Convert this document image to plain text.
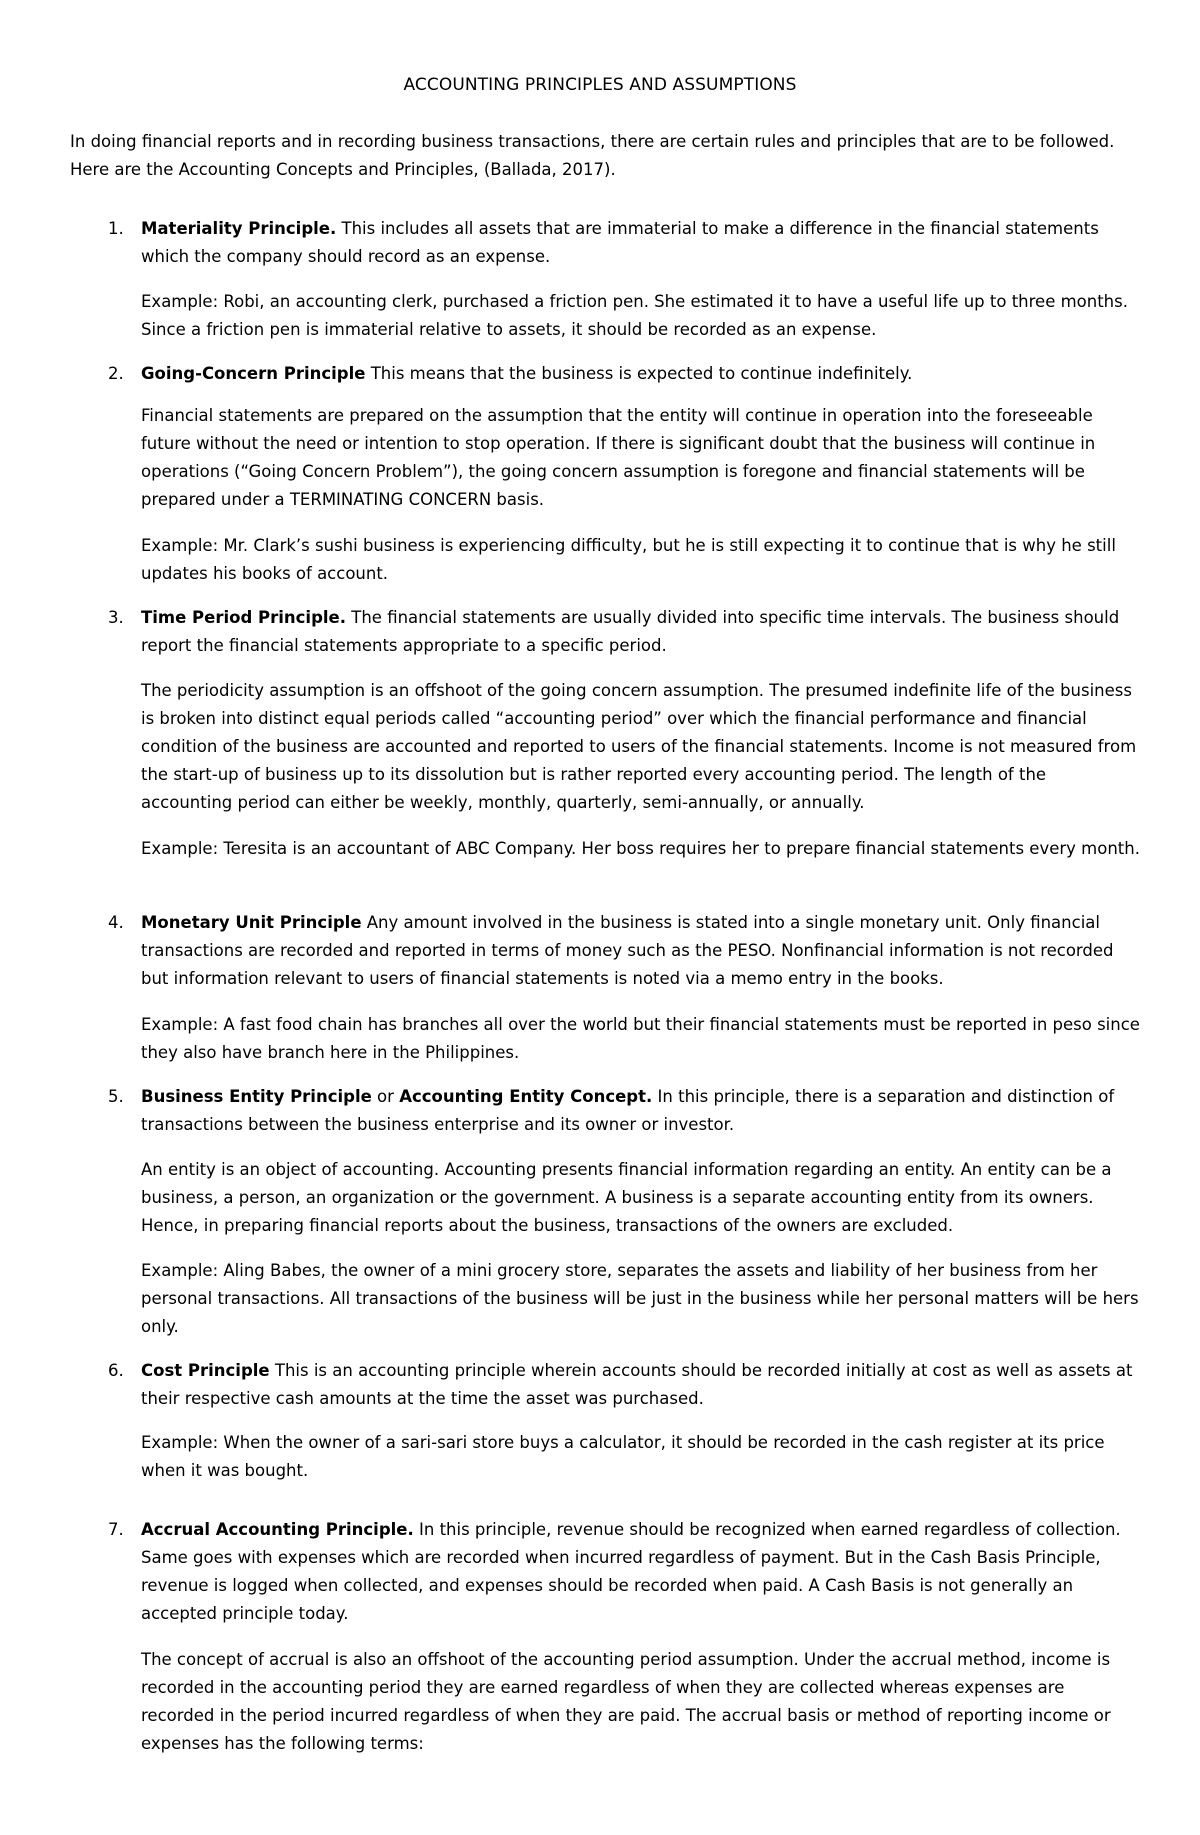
ACCOUNTING PRINCIPLES AND ASSUMPTIONS

In doing financial reports and in recording business transactions, there are certain rules and principles that are to be followed. Here are the Accounting Concepts and Principles, (Ballada, 2017).

1. Materiality Principle. This includes all assets that are immaterial to make a difference in the financial statements which the company should record as an expense.

Example: Robi, an accounting clerk, purchased a friction pen. She estimated it to have a useful life up to three months. Since a friction pen is immaterial relative to assets, it should be recorded as an expense.

2. Going-Concern Principle This means that the business is expected to continue indefinitely.

Financial statements are prepared on the assumption that the entity will continue in operation into the foreseeable future without the need or intention to stop operation. If there is significant doubt that the business will continue in operations (“Going Concern Problem”), the going concern assumption is foregone and financial statements will be prepared under a TERMINATING CONCERN basis.

Example: Mr. Clark’s sushi business is experiencing difficulty, but he is still expecting it to continue that is why he still updates his books of account.

3. Time Period Principle. The financial statements are usually divided into specific time intervals. The business should report the financial statements appropriate to a specific period.

The periodicity assumption is an offshoot of the going concern assumption. The presumed indefinite life of the business is broken into distinct equal periods called “accounting period” over which the financial performance and financial condition of the business are accounted and reported to users of the financial statements. Income is not measured from the start-up of business up to its dissolution but is rather reported every accounting period. The length of the accounting period can either be weekly, monthly, quarterly, semi-annually, or annually.

Example: Teresita is an accountant of ABC Company. Her boss requires her to prepare financial statements every month.

4. Monetary Unit Principle Any amount involved in the business is stated into a single monetary unit. Only financial transactions are recorded and reported in terms of money such as the PESO. Nonfinancial information is not recorded but information relevant to users of financial statements is noted via a memo entry in the books.

Example: A fast food chain has branches all over the world but their financial statements must be reported in peso since they also have branch here in the Philippines.

5. Business Entity Principle or Accounting Entity Concept. In this principle, there is a separation and distinction of transactions between the business enterprise and its owner or investor.

An entity is an object of accounting. Accounting presents financial information regarding an entity. An entity can be a business, a person, an organization or the government. A business is a separate accounting entity from its owners. Hence, in preparing financial reports about the business, transactions of the owners are excluded.

Example: Aling Babes, the owner of a mini grocery store, separates the assets and liability of her business from her personal transactions. All transactions of the business will be just in the business while her personal matters will be hers only.

6. Cost Principle This is an accounting principle wherein accounts should be recorded initially at cost as well as assets at their respective cash amounts at the time the asset was purchased.

Example: When the owner of a sari-sari store buys a calculator, it should be recorded in the cash register at its price when it was bought.

7. Accrual Accounting Principle. In this principle, revenue should be recognized when earned regardless of collection. Same goes with expenses which are recorded when incurred regardless of payment. But in the Cash Basis Principle, revenue is logged when collected, and expenses should be recorded when paid. A Cash Basis is not generally an accepted principle today.

The concept of accrual is also an offshoot of the accounting period assumption. Under the accrual method, income is recorded in the accounting period they are earned regardless of when they are collected whereas expenses are recorded in the period incurred regardless of when they are paid. The accrual basis or method of reporting income or expenses has the following terms:
